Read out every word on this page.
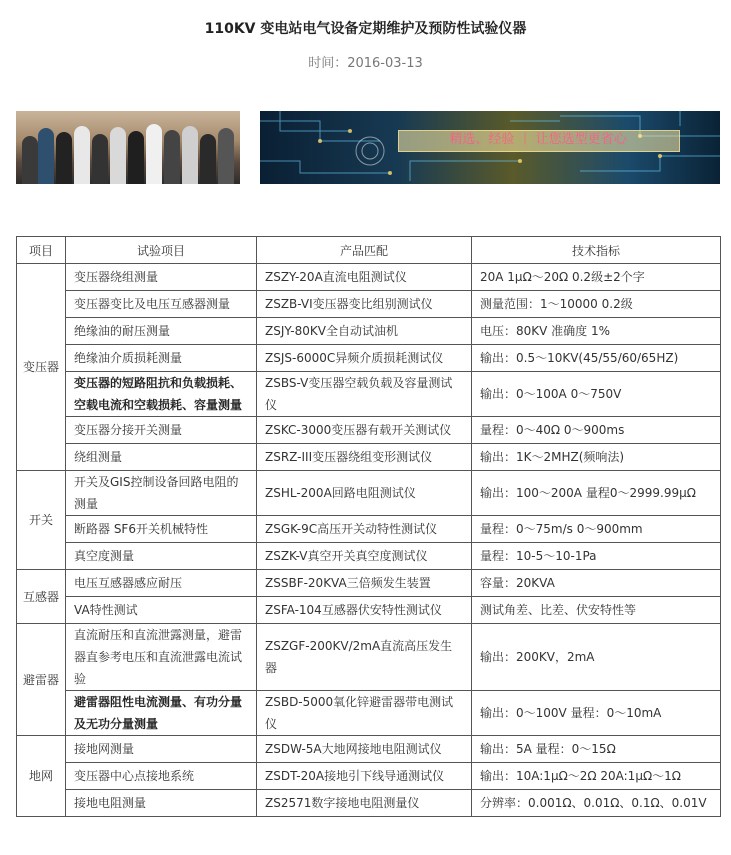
110KV 变电站电气设备定期维护及预防性试验仪器
时间：2016-03-13
精选、经验 ｜ 让您选型更省心
项目	试验项目	产品匹配	技术指标
变压器	变压器绕组测量	ZSZY-20A直流电阻测试仪	20A 1μΩ～20Ω 0.2级±2个字
	变压器变比及电压互感器测量	ZSZB-VI变压器变比组别测试仪	测量范围：1～10000 0.2级
	绝缘油的耐压测量	ZSJY-80KV全自动试油机	电压：80KV 准确度 1%
	绝缘油介质损耗测量	ZSJS-6000C异频介质损耗测试仪	输出：0.5～10KV(45/55/60/65HZ)
	变压器的短路阻抗和负载损耗、空载电流和空载损耗、容量测量	ZSBS-V变压器空载负载及容量测试仪	输出：0～100A 0～750V
	变压器分接开关测量	ZSKC-3000变压器有载开关测试仪	量程：0～40Ω 0～900ms
	绕组测量	ZSRZ-III变压器绕组变形测试仪	输出：1K～2MHZ(频响法)
开关	开关及GIS控制设备回路电阻的测量	ZSHL-200A回路电阻测试仪	输出：100～200A 量程0～2999.99μΩ
	断路器 SF6开关机械特性	ZSGK-9C高压开关动特性测试仪	量程：0～75m/s 0～900mm
	真空度测量	ZSZK-V真空开关真空度测试仪	量程：10-5～10-1Pa
互感器	电压互感器感应耐压	ZSSBF-20KVA三倍频发生装置	容量：20KVA
	VA特性测试	ZSFA-104互感器伏安特性测试仪	测试角差、比差、伏安特性等
避雷器	直流耐压和直流泄露测量，避雷器直参考电压和直流泄露电流试验	ZSZGF-200KV/2mA直流高压发生器	输出：200KV，2mA
	避雷器阻性电流测量、有功分量及无功分量测量	ZSBD-5000氧化锌避雷器带电测试仪	输出：0～100V 量程：0～10mA
地网	接地网测量	ZSDW-5A大地网接地电阻测试仪	输出：5A 量程：0～15Ω
	变压器中心点接地系统	ZSDT-20A接地引下线导通测试仪	输出：10A:1μΩ～2Ω 20A:1μΩ～1Ω
	接地电阻测量	ZS2571数字接地电阻测量仪	分辨率：0.001Ω、0.01Ω、0.1Ω、0.01V
